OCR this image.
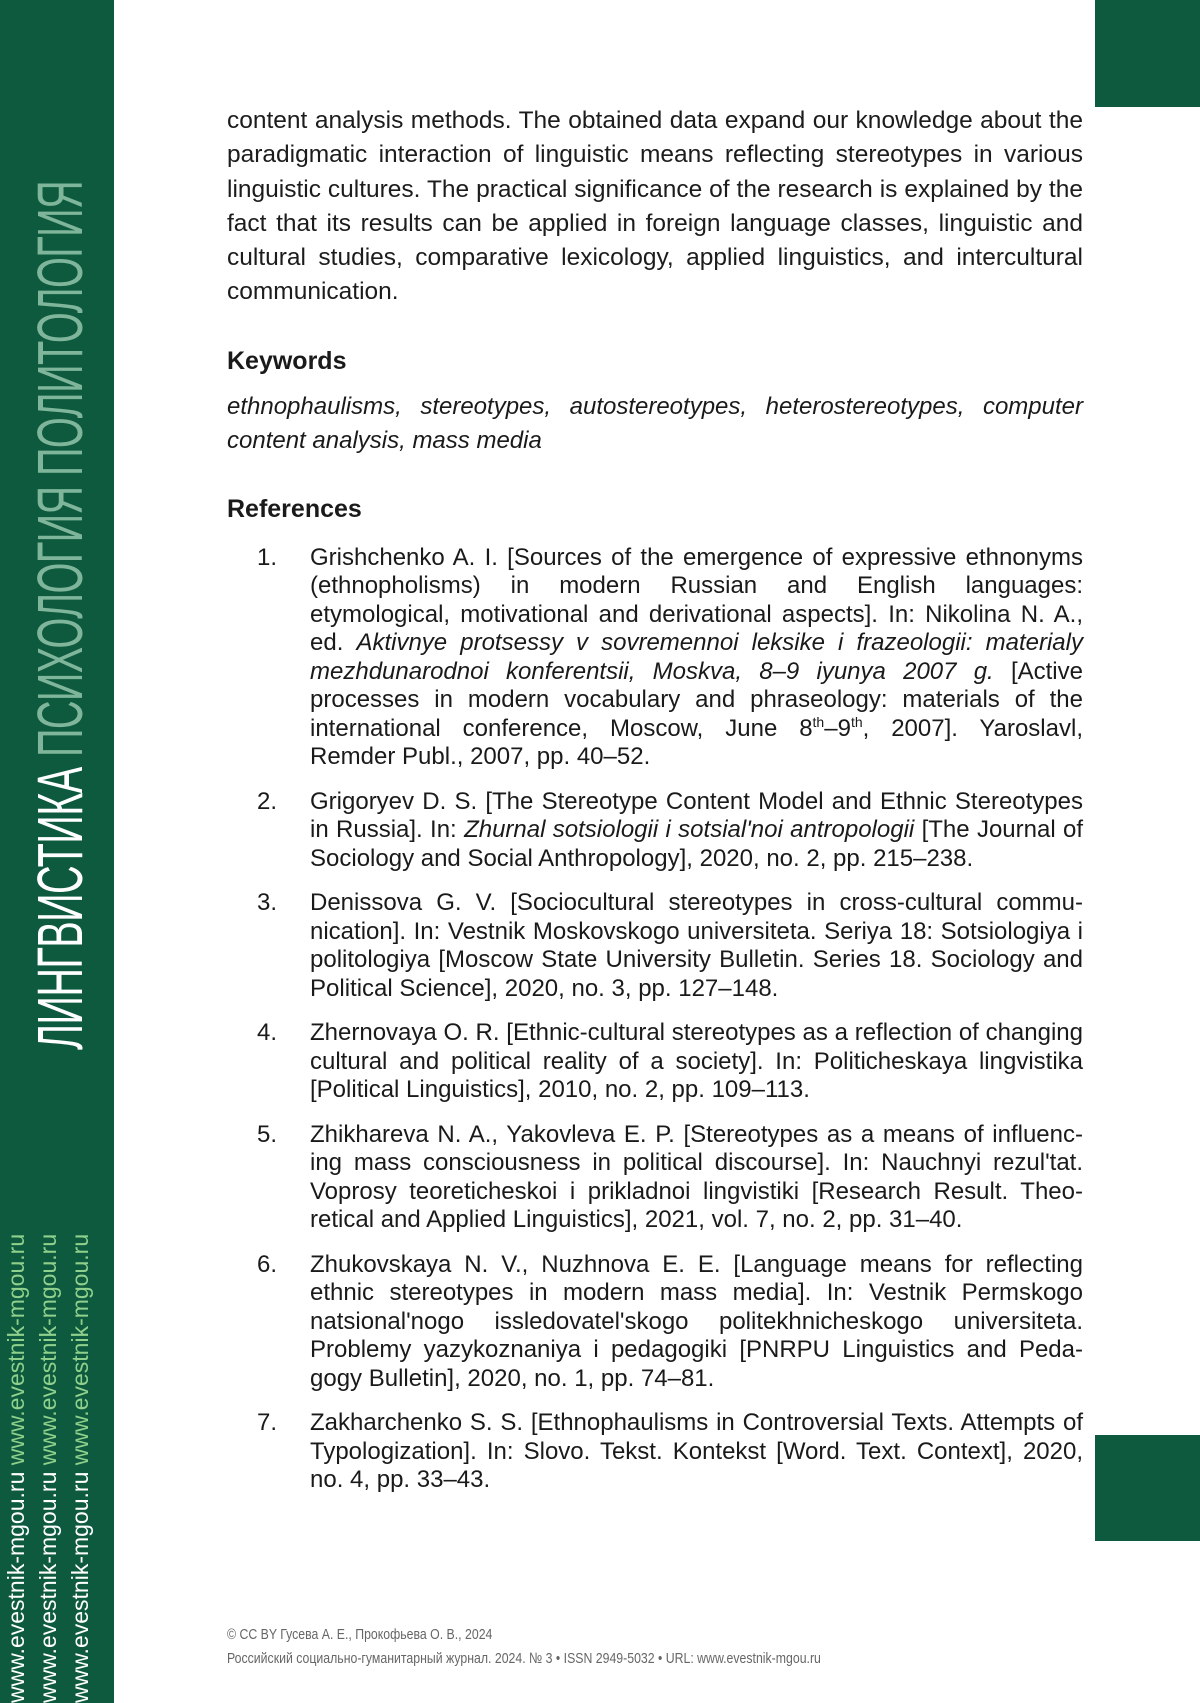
ЛИНГВИСТИКА ПСИХОЛОГИЯ ПОЛИТОЛОГИЯ
www.evestnik-mgou.ru www.evestnik-mgou.ru
www.evestnik-mgou.ru www.evestnik-mgou.ru
www.evestnik-mgou.ru www.evestnik-mgou.ru

content analysis methods. The obtained data expand our knowledge about the paradigmatic interaction of linguistic means reflecting stereotypes in various linguistic cultures. The practical significance of the research is explained by the fact that its results can be applied in foreign language classes, linguistic and cultural studies, comparative lexicology, applied linguistics, and intercultural communication.

Keywords

ethnophaulisms, stereotypes, autostereotypes, heterostereotypes, computer content analysis, mass media

References
1. Grishchenko A. I. [Sources of the emergence of expressive ethnonyms (ethnopholisms) in modern Russian and English languages: etymological, motivational and derivational aspects]. In: Nikolina N. A., ed. Aktivnye protsessy v sovremennoi leksike i frazeologii: materialy mezhdunarodnoi konferentsii, Moskva, 8–9 iyunya 2007 g. [Active processes in modern vocabulary and phraseology: materials of the international conference, Moscow, June 8th–9th, 2007]. Yaroslavl, Remder Publ., 2007, pp. 40–52.
2. Grigoryev D. S. [The Stereotype Content Model and Ethnic Stereotypes in Russia]. In: Zhurnal sotsiologii i sotsial'noi antropologii [The Journal of Sociology and Social Anthropology], 2020, no. 2, pp. 215–238.
3. Denissova G. V. [Sociocultural stereotypes in cross-cultural communication]. In: Vestnik Moskovskogo universiteta. Seriya 18: Sotsiologiya i politologiya [Moscow State University Bulletin. Series 18. Sociology and Political Science], 2020, no. 3, pp. 127–148.
4. Zhernovaya O. R. [Ethnic-cultural stereotypes as a reflection of changing cultural and political reality of a society]. In: Politicheskaya lingvistika [Political Linguistics], 2010, no. 2, pp. 109–113.
5. Zhikhareva N. A., Yakovleva E. P. [Stereotypes as a means of influencing mass consciousness in political discourse]. In: Nauchnyi rezul'tat. Voprosy teoreticheskoi i prikladnoi lingvistiki [Research Result. Theoretical and Applied Linguistics], 2021, vol. 7, no. 2, pp. 31–40.
6. Zhukovskaya N. V., Nuzhnova E. E. [Language means for reflecting ethnic stereotypes in modern mass media]. In: Vestnik Permskogo natsional'nogo issledovatel'skogo politekhnicheskogo universiteta. Problemy yazykoznaniya i pedagogiki [PNRPU Linguistics and Pedagogy Bulletin], 2020, no. 1, pp. 74–81.
7. Zakharchenko S. S. [Ethnophaulisms in Controversial Texts. Attempts of Typologization]. In: Slovo. Tekst. Kontekst [Word. Text. Context], 2020, no. 4, pp. 33–43.
© CC BY Гусева А. Е., Прокофьева О. В., 2024
Российский социально-гуманитарный журнал. 2024. № 3 • ISSN 2949-5032 • URL: www.evestnik-mgou.ru
